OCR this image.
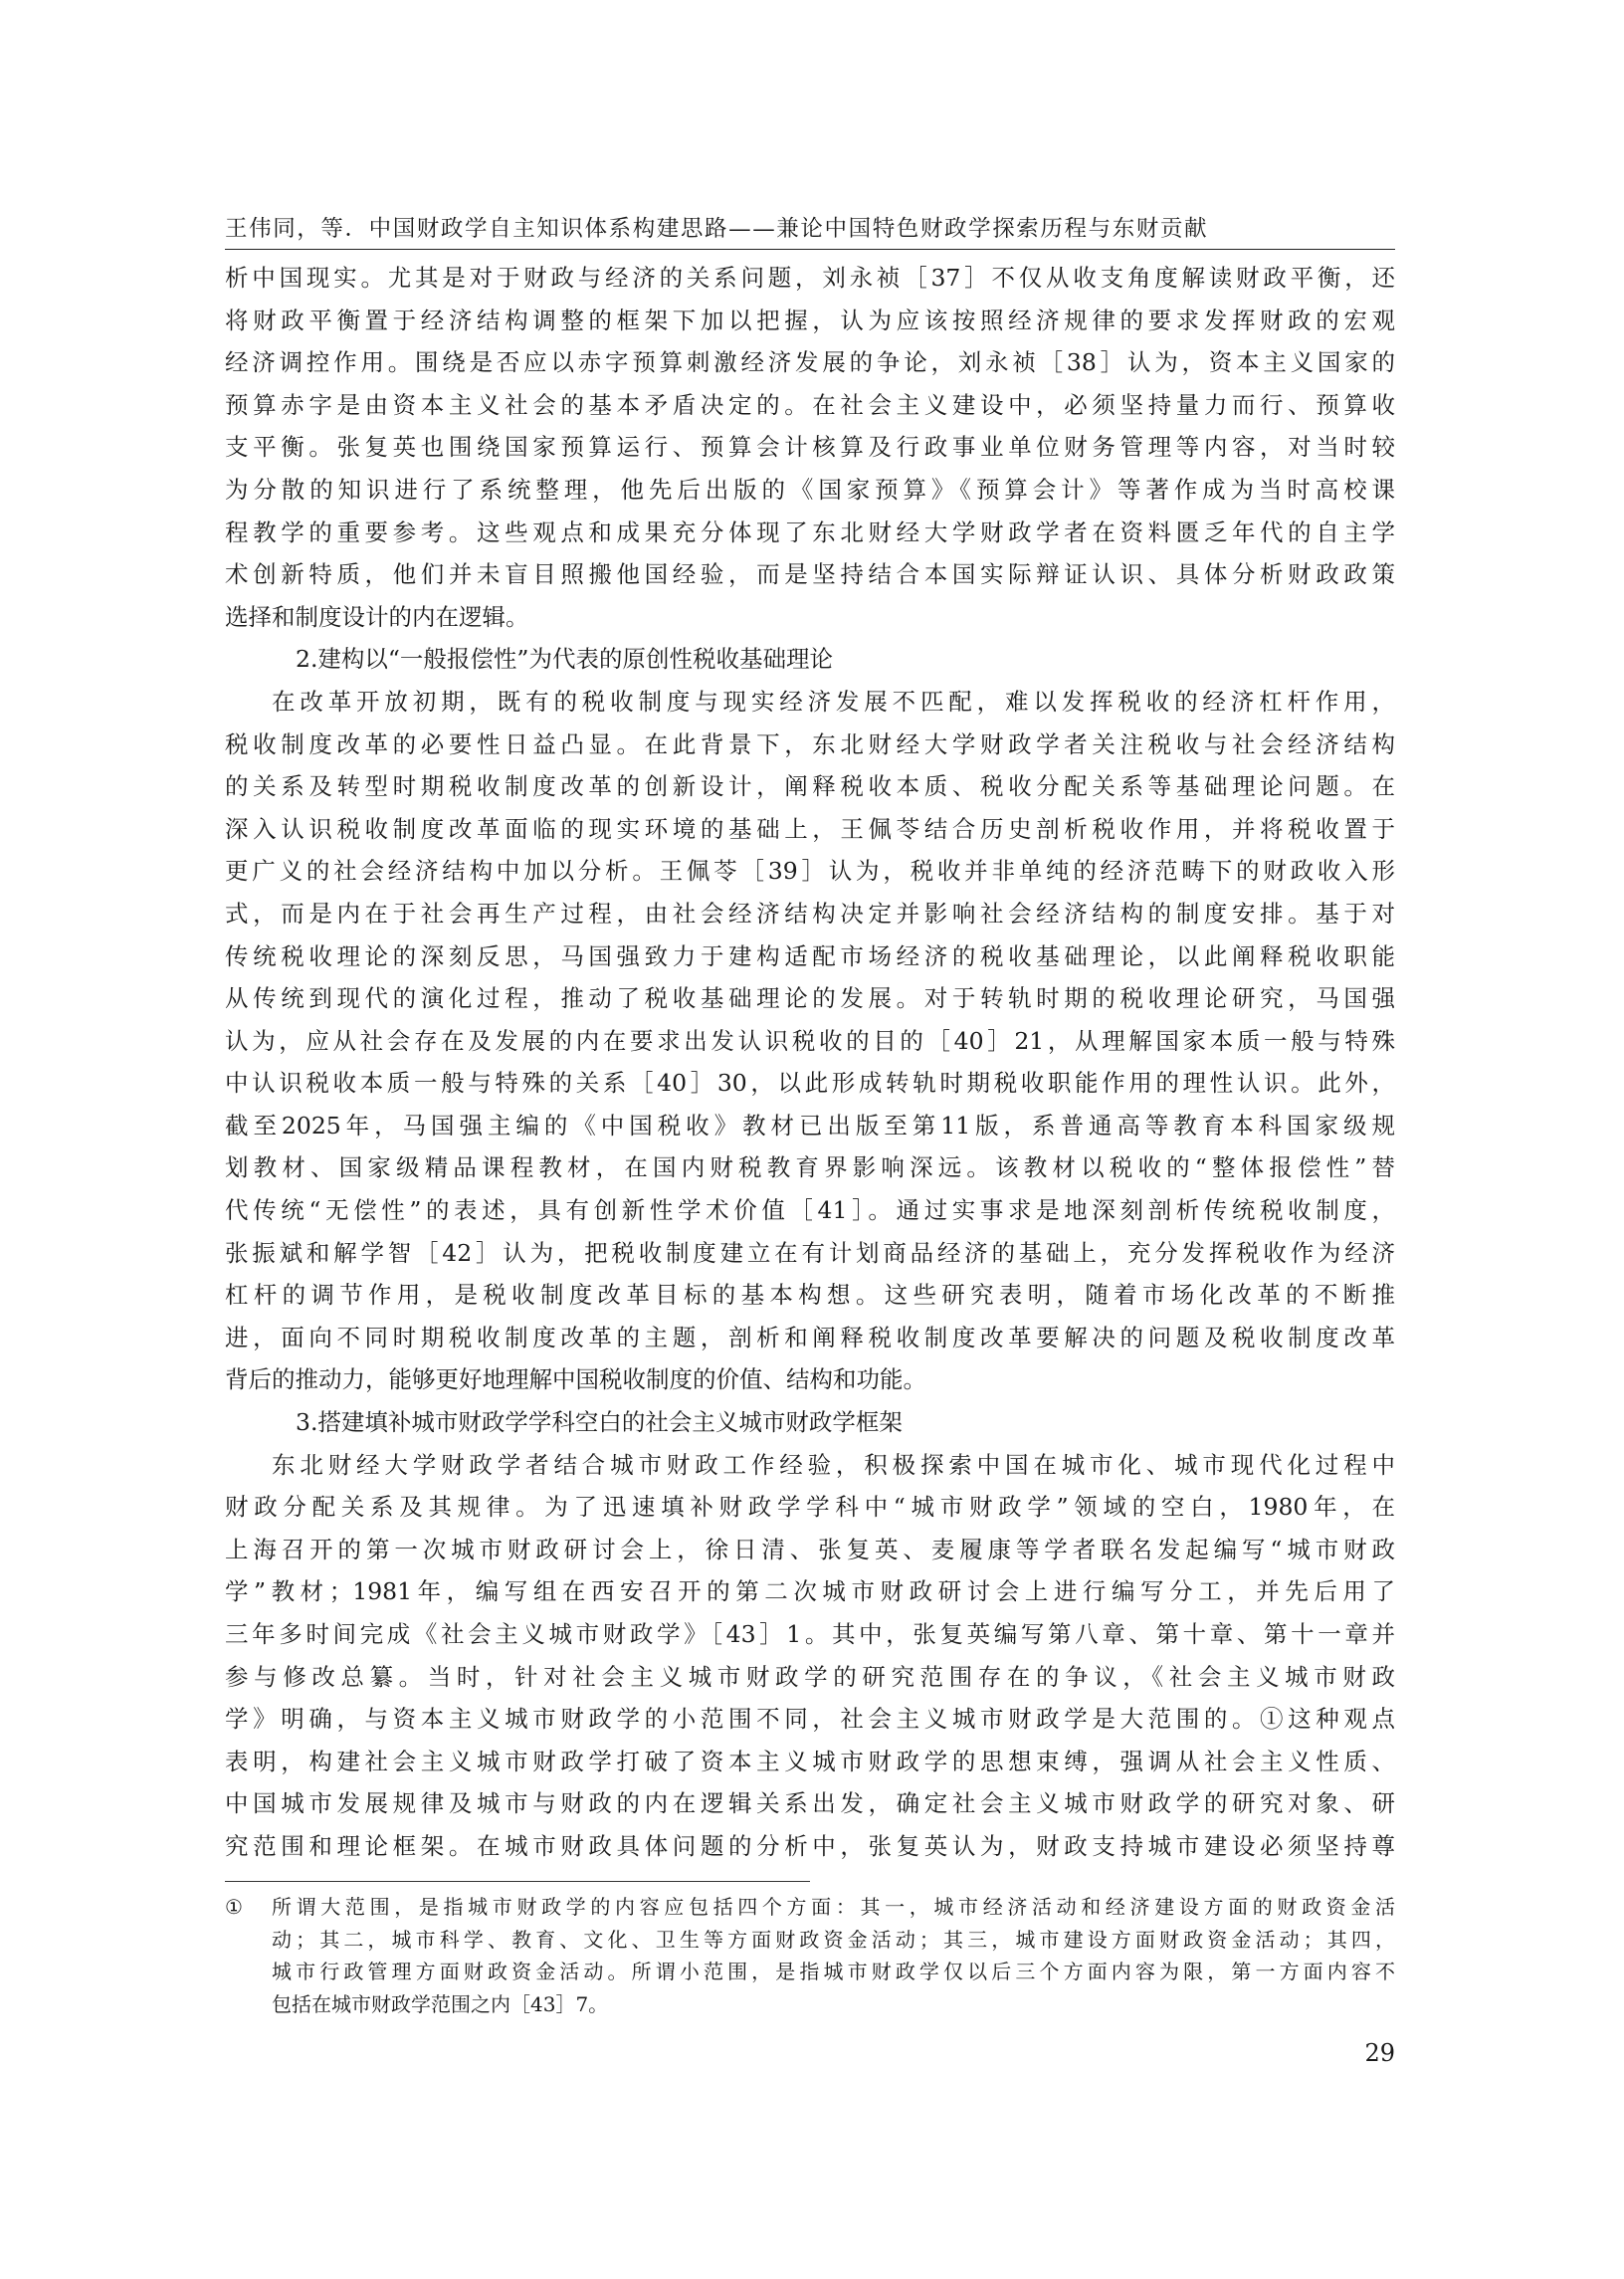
王伟同，等．中国财政学自主知识体系构建思路——兼论中国特色财政学探索历程与东财贡献
析中国现实。尤其是对于财政与经济的关系问题，刘永祯［37］不仅从收支角度解读财政平衡，还
将财政平衡置于经济结构调整的框架下加以把握，认为应该按照经济规律的要求发挥财政的宏观
经济调控作用。围绕是否应以赤字预算刺激经济发展的争论，刘永祯［38］认为，资本主义国家的
预算赤字是由资本主义社会的基本矛盾决定的。在社会主义建设中，必须坚持量力而行、预算收
支平衡。张复英也围绕国家预算运行、预算会计核算及行政事业单位财务管理等内容，对当时较
为分散的知识进行了系统整理，他先后出版的《国家预算》《预算会计》等著作成为当时高校课
程教学的重要参考。这些观点和成果充分体现了东北财经大学财政学者在资料匮乏年代的自主学
术创新特质，他们并未盲目照搬他国经验，而是坚持结合本国实际辩证认识、具体分析财政政策
选择和制度设计的内在逻辑。
2.建构以“一般报偿性”为代表的原创性税收基础理论
在改革开放初期，既有的税收制度与现实经济发展不匹配，难以发挥税收的经济杠杆作用，
税收制度改革的必要性日益凸显。在此背景下，东北财经大学财政学者关注税收与社会经济结构
的关系及转型时期税收制度改革的创新设计，阐释税收本质、税收分配关系等基础理论问题。在
深入认识税收制度改革面临的现实环境的基础上，王佩苓结合历史剖析税收作用，并将税收置于
更广义的社会经济结构中加以分析。王佩苓［39］认为，税收并非单纯的经济范畴下的财政收入形
式，而是内在于社会再生产过程，由社会经济结构决定并影响社会经济结构的制度安排。基于对
传统税收理论的深刻反思，马国强致力于建构适配市场经济的税收基础理论，以此阐释税收职能
从传统到现代的演化过程，推动了税收基础理论的发展。对于转轨时期的税收理论研究，马国强
认为，应从社会存在及发展的内在要求出发认识税收的目的［40］21，从理解国家本质一般与特殊
中认识税收本质一般与特殊的关系［40］30，以此形成转轨时期税收职能作用的理性认识。此外，
截至2025年，马国强主编的《中国税收》教材已出版至第11版，系普通高等教育本科国家级规
划教材、国家级精品课程教材，在国内财税教育界影响深远。该教材以税收的“整体报偿性”替
代传统“无偿性”的表述，具有创新性学术价值［41］。通过实事求是地深刻剖析传统税收制度，
张振斌和解学智［42］认为，把税收制度建立在有计划商品经济的基础上，充分发挥税收作为经济
杠杆的调节作用，是税收制度改革目标的基本构想。这些研究表明，随着市场化改革的不断推
进，面向不同时期税收制度改革的主题，剖析和阐释税收制度改革要解决的问题及税收制度改革
背后的推动力，能够更好地理解中国税收制度的价值、结构和功能。
3.搭建填补城市财政学学科空白的社会主义城市财政学框架
东北财经大学财政学者结合城市财政工作经验，积极探索中国在城市化、城市现代化过程中
财政分配关系及其规律。为了迅速填补财政学学科中“城市财政学”领域的空白，1980年，在
上海召开的第一次城市财政研讨会上，徐日清、张复英、麦履康等学者联名发起编写“城市财政
学”教材；1981年，编写组在西安召开的第二次城市财政研讨会上进行编写分工，并先后用了
三年多时间完成《社会主义城市财政学》［43］1。其中，张复英编写第八章、第十章、第十一章并
参与修改总纂。当时，针对社会主义城市财政学的研究范围存在的争议，《社会主义城市财政
学》明确，与资本主义城市财政学的小范围不同，社会主义城市财政学是大范围的。①这种观点
表明，构建社会主义城市财政学打破了资本主义城市财政学的思想束缚，强调从社会主义性质、
中国城市发展规律及城市与财政的内在逻辑关系出发，确定社会主义城市财政学的研究对象、研
究范围和理论框架。在城市财政具体问题的分析中，张复英认为，财政支持城市建设必须坚持尊
①	所谓大范围，是指城市财政学的内容应包括四个方面：其一，城市经济活动和经济建设方面的财政资金活
动；其二，城市科学、教育、文化、卫生等方面财政资金活动；其三，城市建设方面财政资金活动；其四，
城市行政管理方面财政资金活动。所谓小范围，是指城市财政学仅以后三个方面内容为限，第一方面内容不
包括在城市财政学范围之内［43］7。
29
